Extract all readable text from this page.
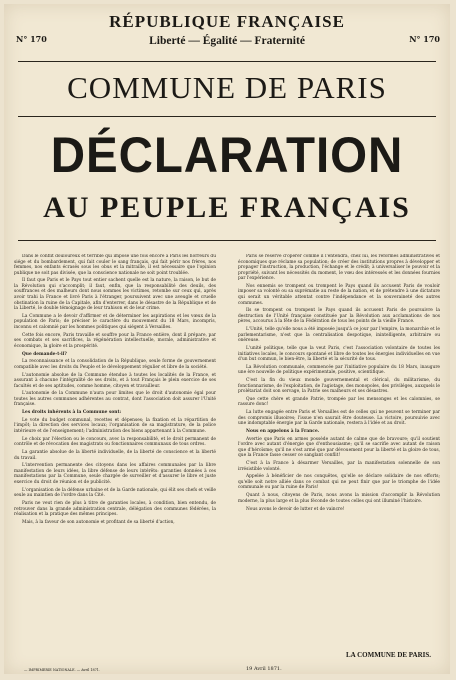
N° 170	N° 170
RÉPUBLIQUE FRANÇAISE
Liberté — Égalité — Fraternité
COMMUNE DE PARIS
DÉCLARATION
AU PEUPLE FRANÇAIS

Dans le conflit douloureux et terrible qui impose une fois encore à Paris les horreurs du siége et du bombardement, qui fait couler le sang français, qui fait périr nos frères, nos femmes, nos enfants écrasés sous les obus et la mitraille, il est nécessaire que l'opinion publique ne soit pas divisée, que la conscience nationale ne soit point troublée.

Il faut que Paris et le Pays tout entier sachent quelle est la nature, la raison, le but de la Révolution qui s'accomplit; il faut, enfin, que la responsabilité des deuils, des souffrances et des malheurs dont nous sommes les victimes, retombe sur ceux qui, après avoir trahi la France et livré Paris à l'étranger, poursuivent avec une aveugle et cruelle obstination la ruine de la Capitale, afin d'enterrer, dans le désastre de la République et de la Liberté, le double témoignage de leur trahison et de leur crime.

La Commune a le devoir d'affirmer et de déterminer les aspirations et les vœux de la population de Paris; de préciser le caractère du mouvement du 18 Mars, incompris, inconnu et calomnié par les hommes politiques qui siégent à Versailles.

Cette fois encore, Paris travaille et souffre pour la France entière, dont il prépare, par ses combats et ses sacrifices, la régénération intellectuelle, morale, administrative et économique, la gloire et la prospérité.

Que demande-t-il?

La reconnaissance et la consolidation de la République, seule forme de gouvernement compatible avec les droits du Peuple et le développement régulier et libre de la société.

L'autonomie absolue de la Commune étendue à toutes les localités de la France, et assurant à chacune l'intégralité de ses droits, et à tout Français le plein exercice de ses facultés et de ses aptitudes, comme homme, citoyen et travailleur.

L'autonomie de la Commune n'aura pour limites que le droit d'autonomie égal pour toutes les autres communes adhérentes au contrat, dont l'association doit assurer l'Unité française.

Les droits inhérents à la Commune sont:

Le vote du budget communal, recettes et dépenses; la fixation et la répartition de l'impôt; la direction des services locaux; l'organisation de sa magistrature, de la police intérieure et de l'enseignement; l'administration des biens appartenant à la Commune.

Le choix par l'élection ou le concours, avec la responsabilité, et le droit permanent de contrôle et de révocation des magistrats ou fonctionnaires communaux de tous ordres.

La garantie absolue de la liberté individuelle, de la liberté de conscience et la liberté du travail.

L'intervention permanente des citoyens dans les affaires communales par la libre manifestation de leurs idées, la libre défense de leurs intérêts: garanties données à ces manifestations par la Commune, seule chargée de surveiller et d'assurer le libre et juste exercice du droit de réunion et de publicité.

L'organisation de la défense urbaine et de la Garde nationale, qui élit ses chefs et veille seule au maintien de l'ordre dans la Cité.

Paris ne veut rien de plus à titre de garanties locales, à condition, bien entendu, de retrouver dans la grande administration centrale, délégation des communes fédérées, la réalisation et la pratique des mêmes principes.

Mais, à la faveur de son autonomie et profitant de sa liberté d'action,

Paris se réserve d'opérer comme il l'entendra, chez lui, les réformes administratives et économiques que réclame sa population; de créer des institutions propres à développer et propager l'instruction, la production, l'échange et le crédit; à universaliser le pouvoir et la propriété, suivant les nécessités du moment, le vœu des intéressés et les données fournies par l'expérience.

Nos ennemis se trompent ou trompent le Pays quand ils accusent Paris de vouloir imposer sa volonté ou sa suprématie au reste de la nation, et de prétendre à une dictature qui serait un véritable attentat contre l'indépendance et la souveraineté des autres communes.

Ils se trompent ou trompent le Pays quand ils accusent Paris de poursuivre la destruction de l'Unité française constituée par la Révolution aux acclamations de nos pères, accourus à la fête de la Fédération de tous les points de la vieille France.

L'Unité, telle qu'elle nous a été imposée jusqu'à ce jour par l'empire, la monarchie et le parlementarisme, n'est que la centralisation despotique, inintelligente, arbitraire ou onéreuse.

L'unité politique, telle que la veut Paris, c'est l'association volontaire de toutes les initiatives locales, le concours spontané et libre de toutes les énergies individuelles en vue d'un but commun, le bien-être, la liberté et la sécurité de tous.

La Révolution communale, commencée par l'initiative populaire du 18 Mars, inaugure une ère nouvelle de politique expérimentale, positive, scientifique.

C'est la fin du vieux monde gouvernemental et clérical, du militarisme, du fonctionnarisme, de l'exploitation, de l'agiotage, des monopoles, des priviléges, auxquels le prolétariat doit son servage, la Patrie ses malheurs et ses désastres.

Que cette chère et grande Patrie, trompée par les mensonges et les calomnies, se rassure donc!

La lutte engagée entre Paris et Versailles est de celles qui ne peuvent se terminer par des compromis illusoires; l'issue n'en saurait être douteuse. La victoire, poursuivie avec une indomptable énergie par la Garde nationale, restera à l'idée et au droit.

Nous en appelons à la France.

Avertie que Paris en armes possède autant de calme que de bravoure; qu'il soutient l'ordre avec autant d'énergie que d'enthousiasme; qu'il se sacrifie avec autant de raison que d'héroïsme; qu'il ne s'est armé que par dévouement pour la liberté et la gloire de tous, que la France fasse cesser ce sanglant conflit!

C'est à la France à désarmer Versailles, par la manifestation solennelle de son irrésistible volonté.

Appelée à bénéficier de nos conquêtes, qu'elle se déclare solidaire de nos efforts; qu'elle soit notre alliée dans ce combat qui ne peut finir que par le triomphe de l'idée communale ou par la ruine de Paris!

Quant à nous, citoyens de Paris, nous avons la mission d'accomplir la Révolution moderne, la plus large et la plus féconde de toutes celles qui ont illuminé l'histoire.

Nous avons le devoir de lutter et de vaincre!

LA COMMUNE DE PARIS.
19 Avril 1871.
— IMPRIMERIE NATIONALE. — Avril 1871.
